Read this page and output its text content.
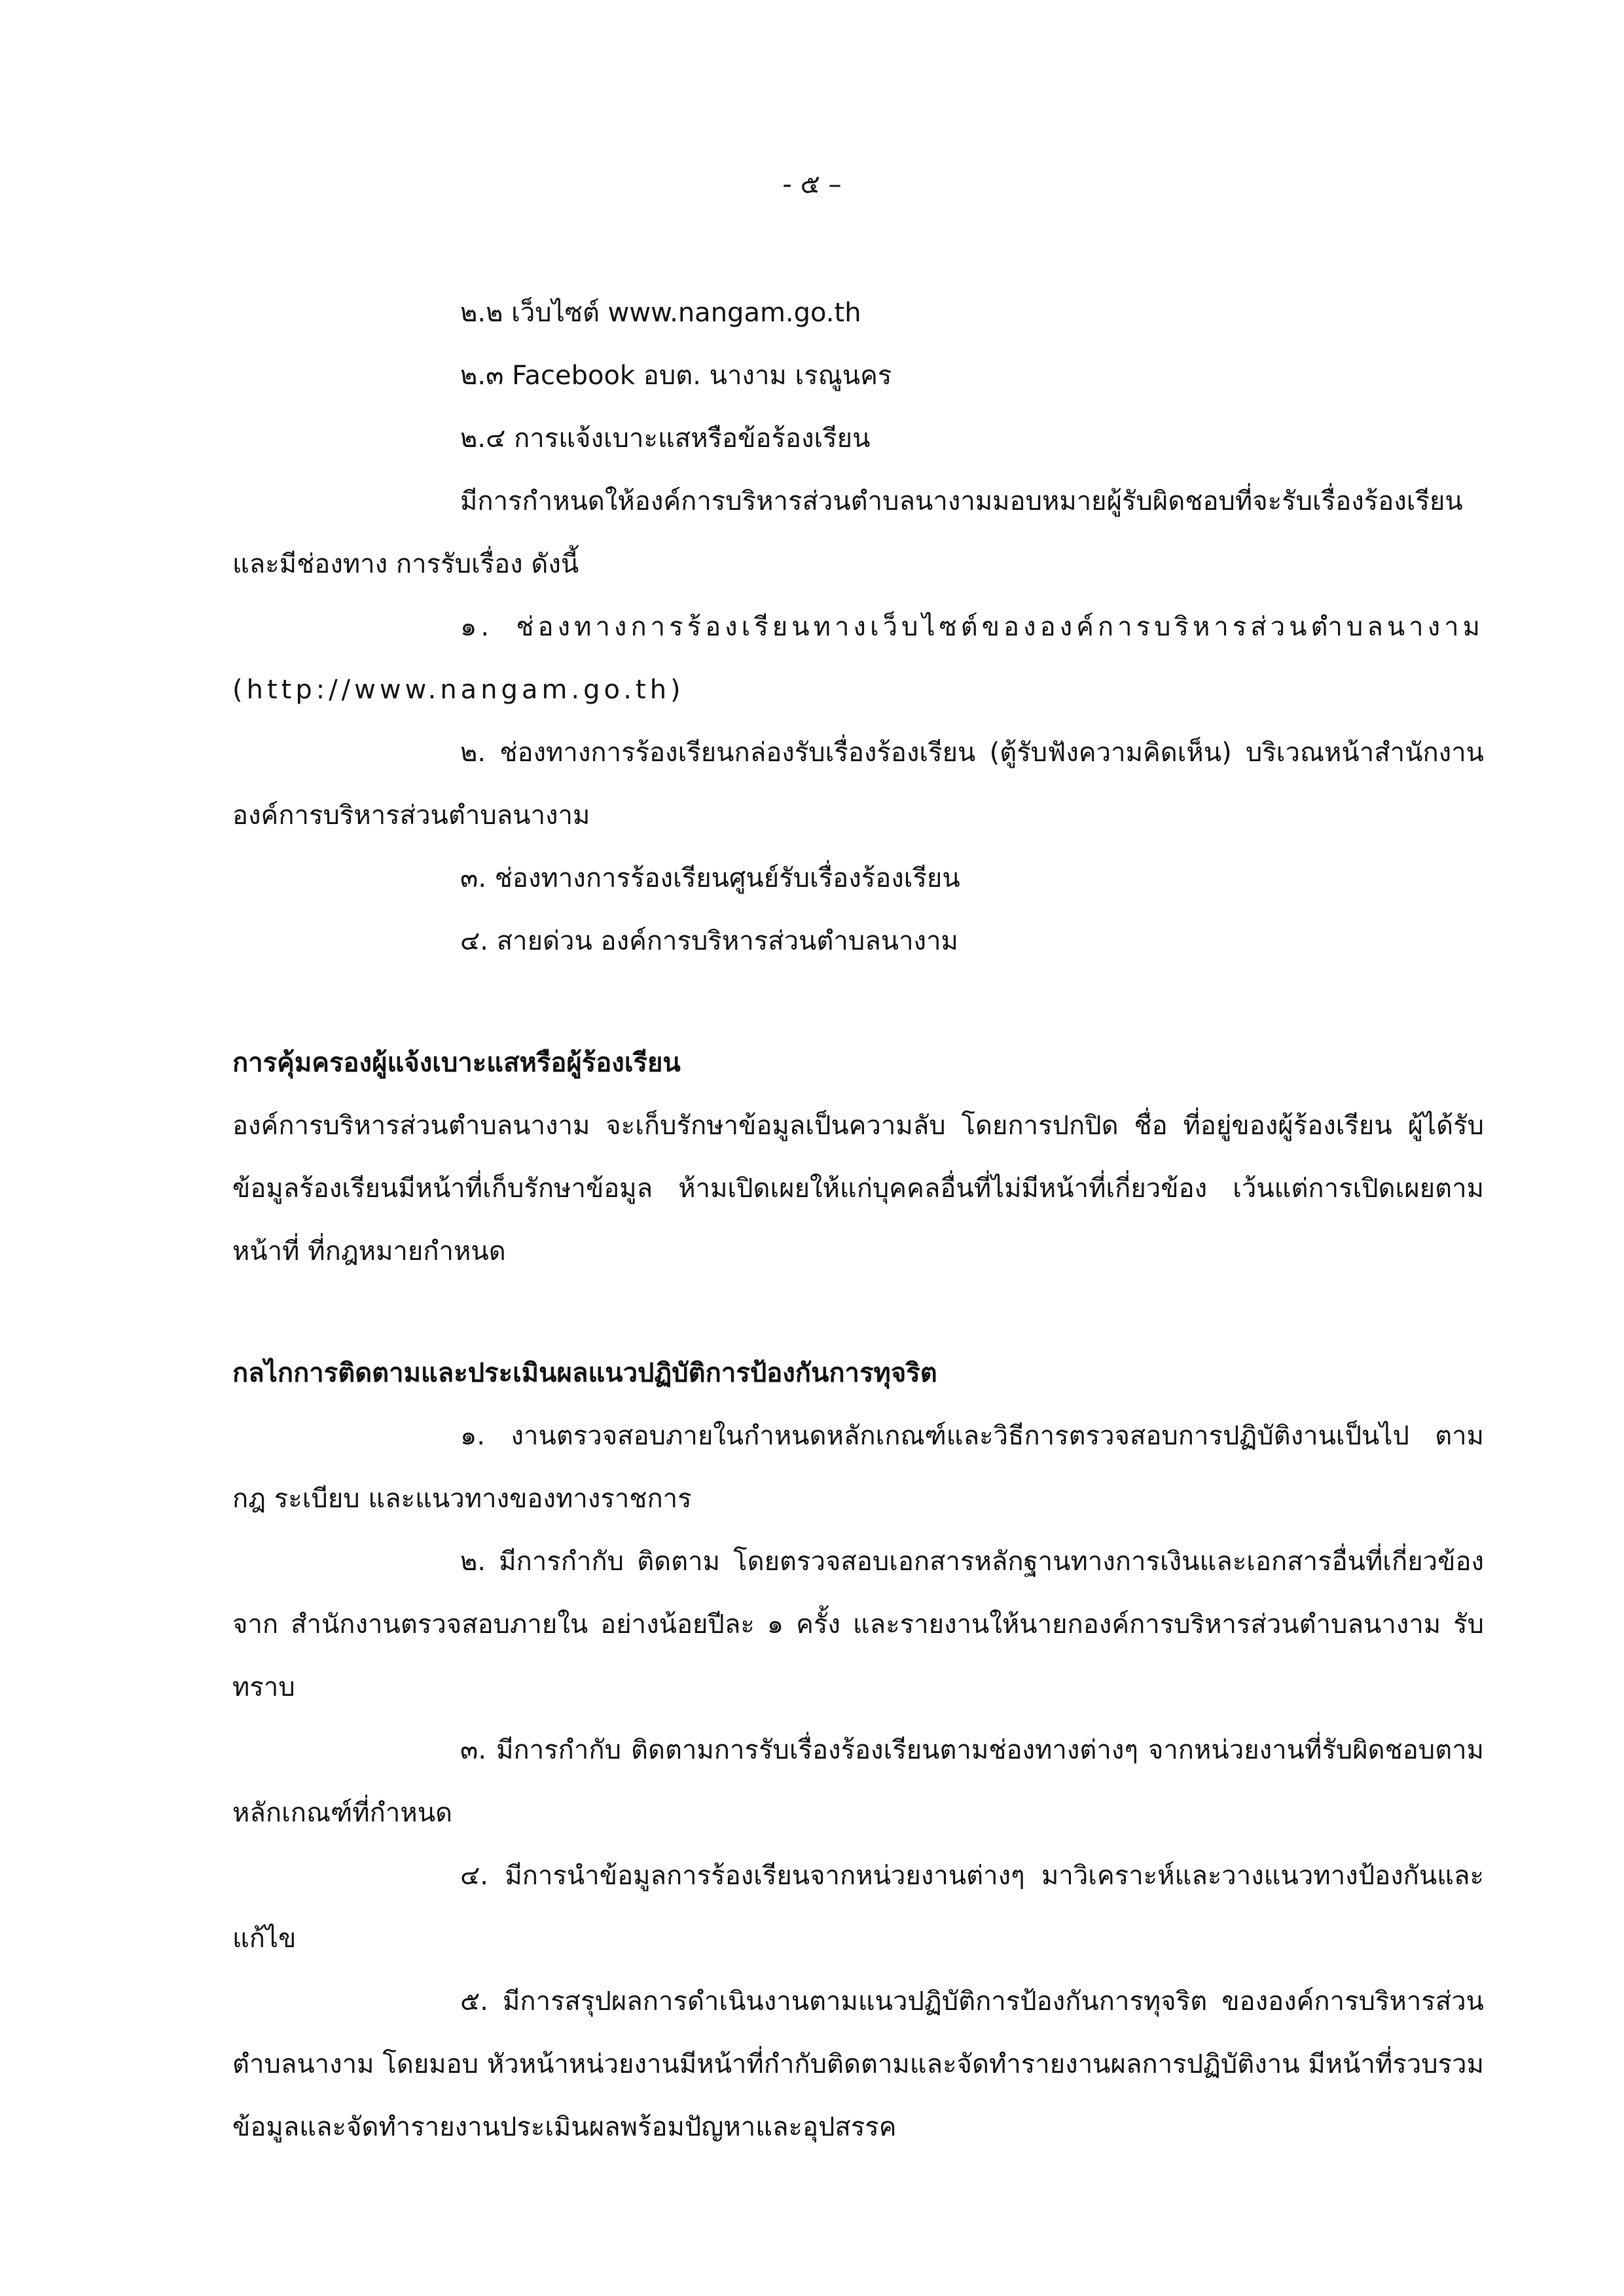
- ๕ –

๒.๒ เว็บไซต์ www.nangam.go.th

๒.๓ Facebook อบต. นางาม เรณูนคร

๒.๔ การแจ้งเบาะแสหรือข้อร้องเรียน

มีการกำหนดให้องค์การบริหารส่วนตำบลนางามมอบหมายผู้รับผิดชอบที่จะรับเรื่องร้องเรียน และมีช่องทาง การรับเรื่อง ดังนี้

๑. ช่องทางการร้องเรียนทางเว็บไซต์ขององค์การบริหารส่วนตำบลนางาม (http://www.nangam.go.th)

๒. ช่องทางการร้องเรียนกล่องรับเรื่องร้องเรียน (ตู้รับฟังความคิดเห็น) บริเวณหน้าสำนักงานองค์การบริหารส่วนตำบลนางาม

๓. ช่องทางการร้องเรียนศูนย์รับเรื่องร้องเรียน

๔. สายด่วน องค์การบริหารส่วนตำบลนางาม

การคุ้มครองผู้แจ้งเบาะแสหรือผู้ร้องเรียน

องค์การบริหารส่วนตำบลนางาม จะเก็บรักษาข้อมูลเป็นความลับ โดยการปกปิด ชื่อ ที่อยู่ของผู้ร้องเรียน ผู้ได้รับข้อมูลร้องเรียนมีหน้าที่เก็บรักษาข้อมูล ห้ามเปิดเผยให้แก่บุคคลอื่นที่ไม่มีหน้าที่เกี่ยวข้อง เว้นแต่การเปิดเผยตามหน้าที่ ที่กฎหมายกำหนด

กลไกการติดตามและประเมินผลแนวปฏิบัติการป้องกันการทุจริต

๑. งานตรวจสอบภายในกำหนดหลักเกณฑ์และวิธีการตรวจสอบการปฏิบัติงานเป็นไป ตาม กฎ ระเบียบ และแนวทางของทางราชการ

๒. มีการกำกับ ติดตาม โดยตรวจสอบเอกสารหลักฐานทางการเงินและเอกสารอื่นที่เกี่ยวข้องจาก สำนักงานตรวจสอบภายใน อย่างน้อยปีละ ๑ ครั้ง และรายงานให้นายกองค์การบริหารส่วนตำบลนางาม รับทราบ

๓. มีการกำกับ ติดตามการรับเรื่องร้องเรียนตามช่องทางต่างๆ จากหน่วยงานที่รับผิดชอบตาม หลักเกณฑ์ที่กำหนด

๔. มีการนำข้อมูลการร้องเรียนจากหน่วยงานต่างๆ มาวิเคราะห์และวางแนวทางป้องกันและแก้ไข

๕. มีการสรุปผลการดำเนินงานตามแนวปฏิบัติการป้องกันการทุจริต ขององค์การบริหารส่วนตำบลนางาม โดยมอบ หัวหน้าหน่วยงานมีหน้าที่กำกับติดตามและจัดทำรายงานผลการปฏิบัติงาน มีหน้าที่รวบรวมข้อมูลและจัดทำรายงานประเมินผลพร้อมปัญหาและอุปสรรค
